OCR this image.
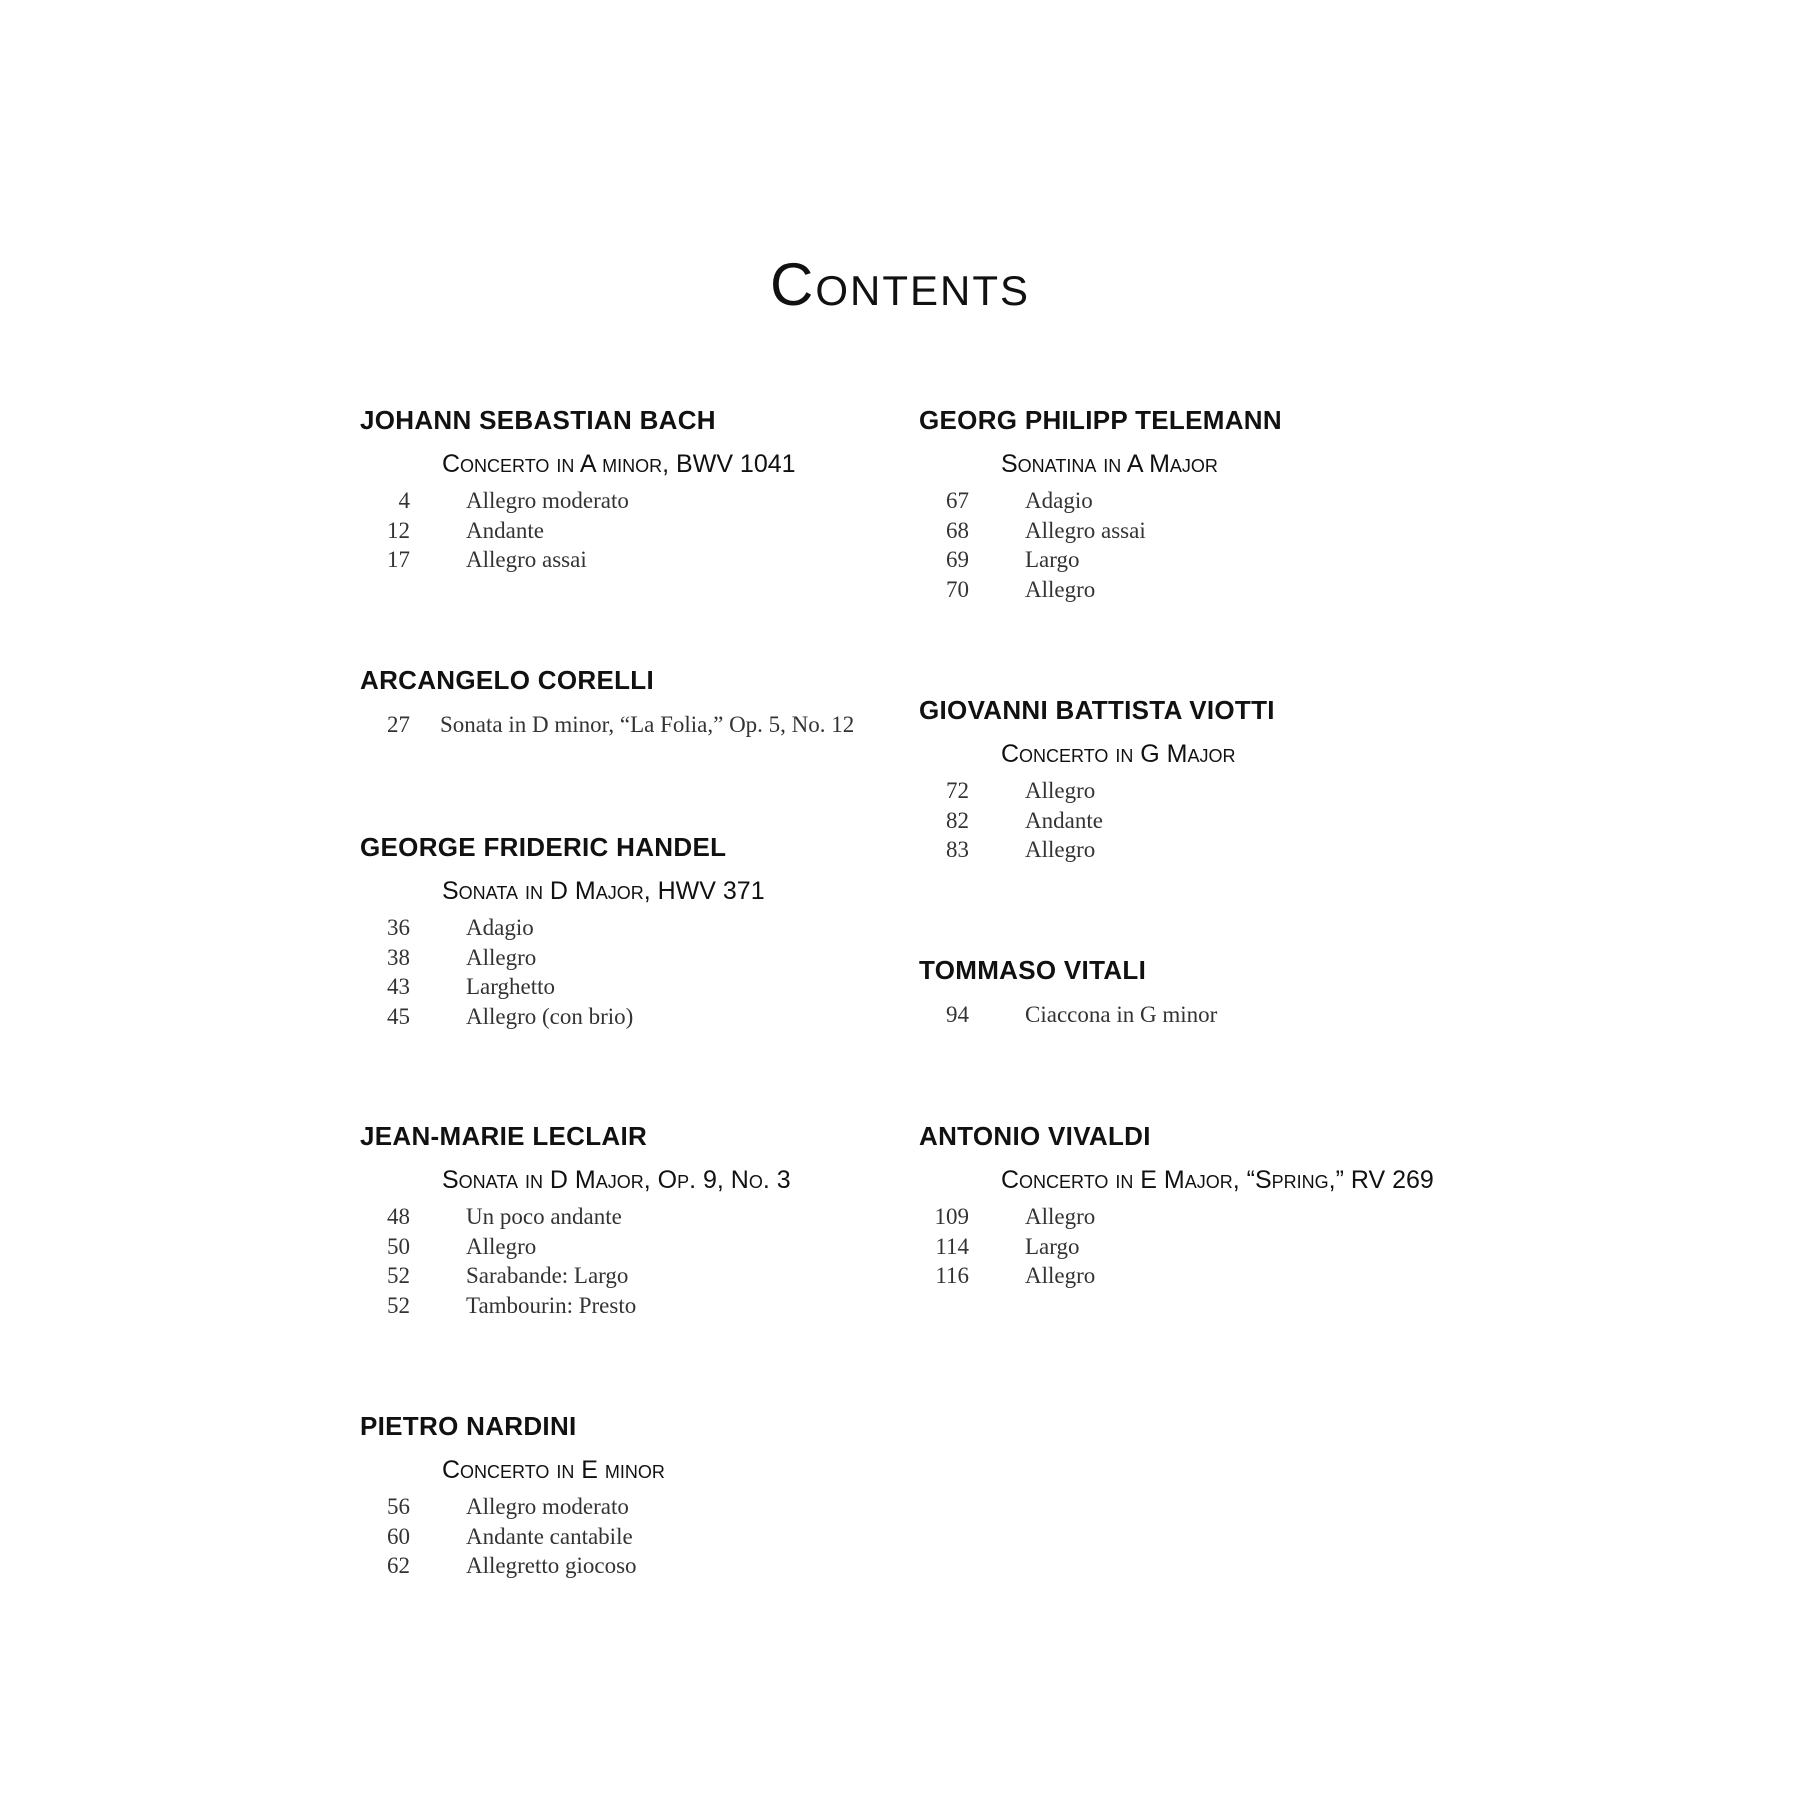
Contents
JOHANN SEBASTIAN BACH
Concerto in A minor, BWV 1041
4 Allegro moderato
12 Andante
17 Allegro assai
ARCANGELO CORELLI
27 Sonata in D minor, “La Folia,” Op. 5, No. 12
GEORGE FRIDERIC HANDEL
Sonata in D Major, HWV 371
36 Adagio
38 Allegro
43 Larghetto
45 Allegro (con brio)
JEAN-MARIE LECLAIR
Sonata in D Major, Op. 9, No. 3
48 Un poco andante
50 Allegro
52 Sarabande: Largo
52 Tambourin: Presto
PIETRO NARDINI
Concerto in E minor
56 Allegro moderato
60 Andante cantabile
62 Allegretto giocoso
GEORG PHILIPP TELEMANN
Sonatina in A Major
67 Adagio
68 Allegro assai
69 Largo
70 Allegro
GIOVANNI BATTISTA VIOTTI
Concerto in G Major
72 Allegro
82 Andante
83 Allegro
TOMMASO VITALI
94 Ciaccona in G minor
ANTONIO VIVALDI
Concerto in E Major, “Spring,” RV 269
109 Allegro
114 Largo
116 Allegro
